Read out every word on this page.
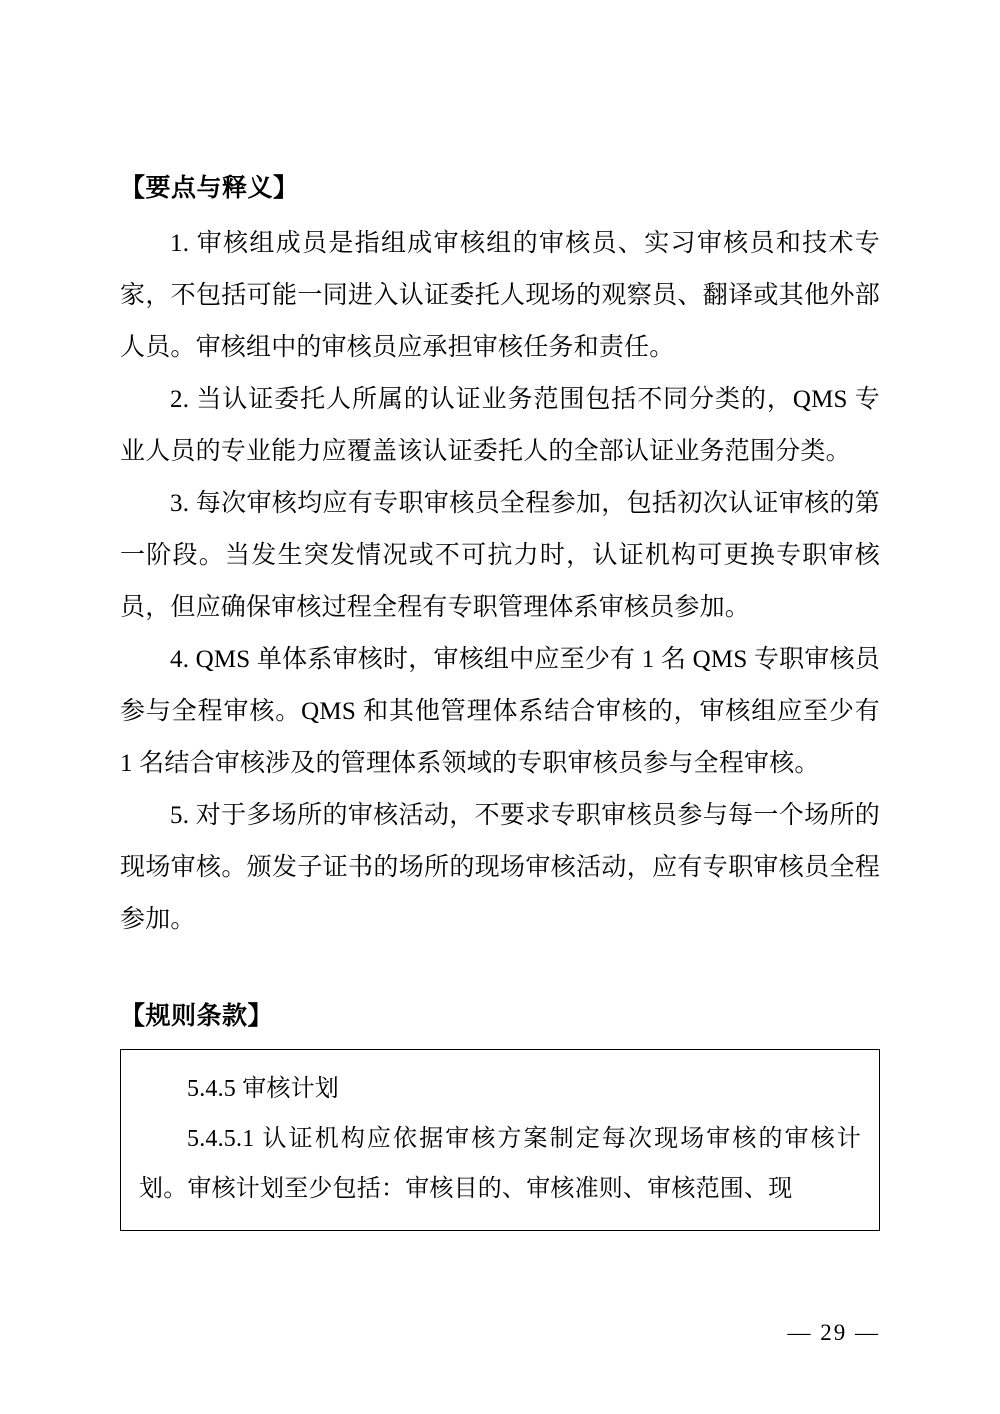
【要点与释义】

1. 审核组成员是指组成审核组的审核员、实习审核员和技术专家，不包括可能一同进入认证委托人现场的观察员、翻译或其他外部人员。审核组中的审核员应承担审核任务和责任。

2. 当认证委托人所属的认证业务范围包括不同分类的，QMS 专业人员的专业能力应覆盖该认证委托人的全部认证业务范围分类。

3. 每次审核均应有专职审核员全程参加，包括初次认证审核的第一阶段。当发生突发情况或不可抗力时，认证机构可更换专职审核员，但应确保审核过程全程有专职管理体系审核员参加。

4. QMS 单体系审核时，审核组中应至少有 1 名 QMS 专职审核员参与全程审核。QMS 和其他管理体系结合审核的，审核组应至少有 1 名结合审核涉及的管理体系领域的专职审核员参与全程审核。

5. 对于多场所的审核活动，不要求专职审核员参与每一个场所的现场审核。颁发子证书的场所的现场审核活动，应有专职审核员全程参加。

【规则条款】

5.4.5 审核计划

5.4.5.1 认证机构应依据审核方案制定每次现场审核的审核计划。审核计划至少包括：审核目的、审核准则、审核范围、现

— 29 —
